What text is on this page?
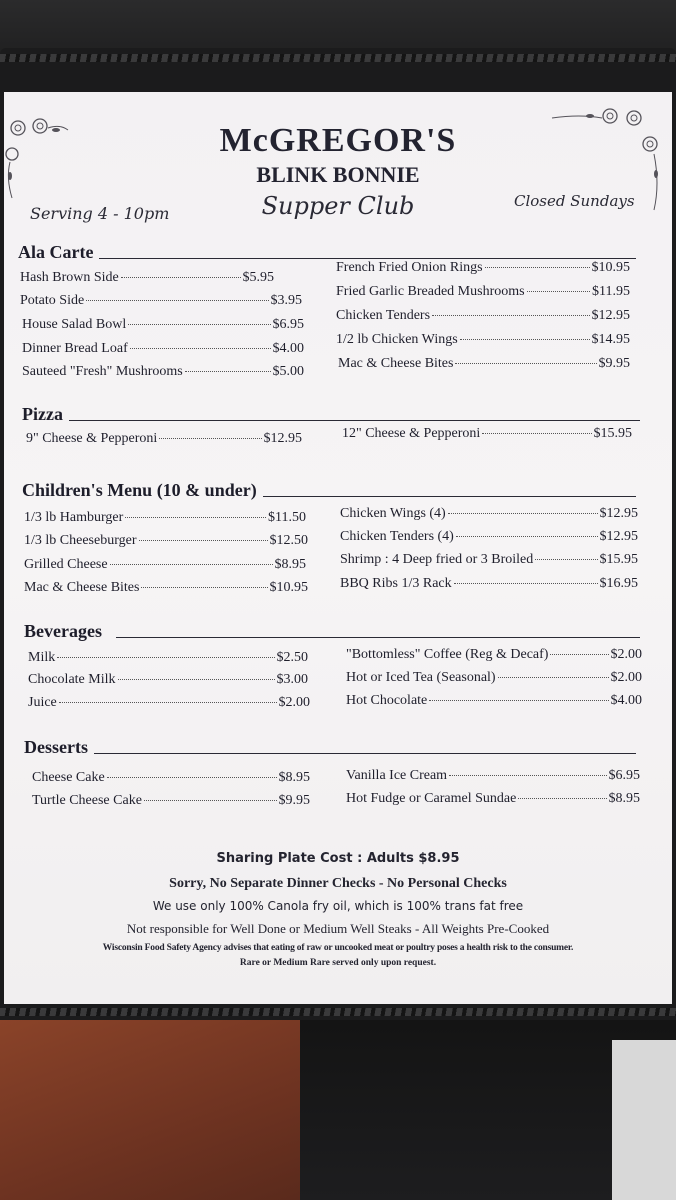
McGREGOR'S
BLINK BONNIE
Supper Club
Serving 4 - 10pm
Closed Sundays
Ala Carte
Hash Brown Side	$5.95
Potato Side	$3.95
House Salad Bowl	$6.95
Dinner Bread Loaf	$4.00
Sauteed "Fresh" Mushrooms	$5.00
French Fried Onion Rings	$10.95
Fried Garlic Breaded Mushrooms	$11.95
Chicken Tenders	$12.95
1/2 lb Chicken Wings	$14.95
Mac & Cheese Bites	$9.95
Pizza
9" Cheese & Pepperoni	$12.95	12" Cheese & Pepperoni	$15.95
Children's Menu (10 & under)
1/3 lb Hamburger	$11.50
1/3 lb Cheeseburger	$12.50
Grilled Cheese	$8.95
Mac & Cheese Bites	$10.95
Chicken Wings (4)	$12.95
Chicken Tenders (4)	$12.95
Shrimp : 4 Deep fried or 3 Broiled	$15.95
BBQ Ribs 1/3 Rack	$16.95
Beverages
Milk	$2.50
Chocolate Milk	$3.00
Juice	$2.00
"Bottomless" Coffee (Reg & Decaf)	$2.00
Hot or Iced Tea (Seasonal)	$2.00
Hot Chocolate	$4.00
Desserts
Cheese Cake	$8.95
Turtle Cheese Cake	$9.95
Vanilla Ice Cream	$6.95
Hot Fudge or Caramel Sundae	$8.95
Sharing Plate Cost : Adults $8.95
Sorry, No Separate Dinner Checks - No Personal Checks
We use only 100% Canola fry oil, which is 100% trans fat free
Not responsible for Well Done or Medium Well Steaks - All Weights Pre-Cooked
Wisconsin Food Safety Agency advises that eating of raw or uncooked meat or poultry poses a health risk to the consumer.
Rare or Medium Rare served only upon request.
